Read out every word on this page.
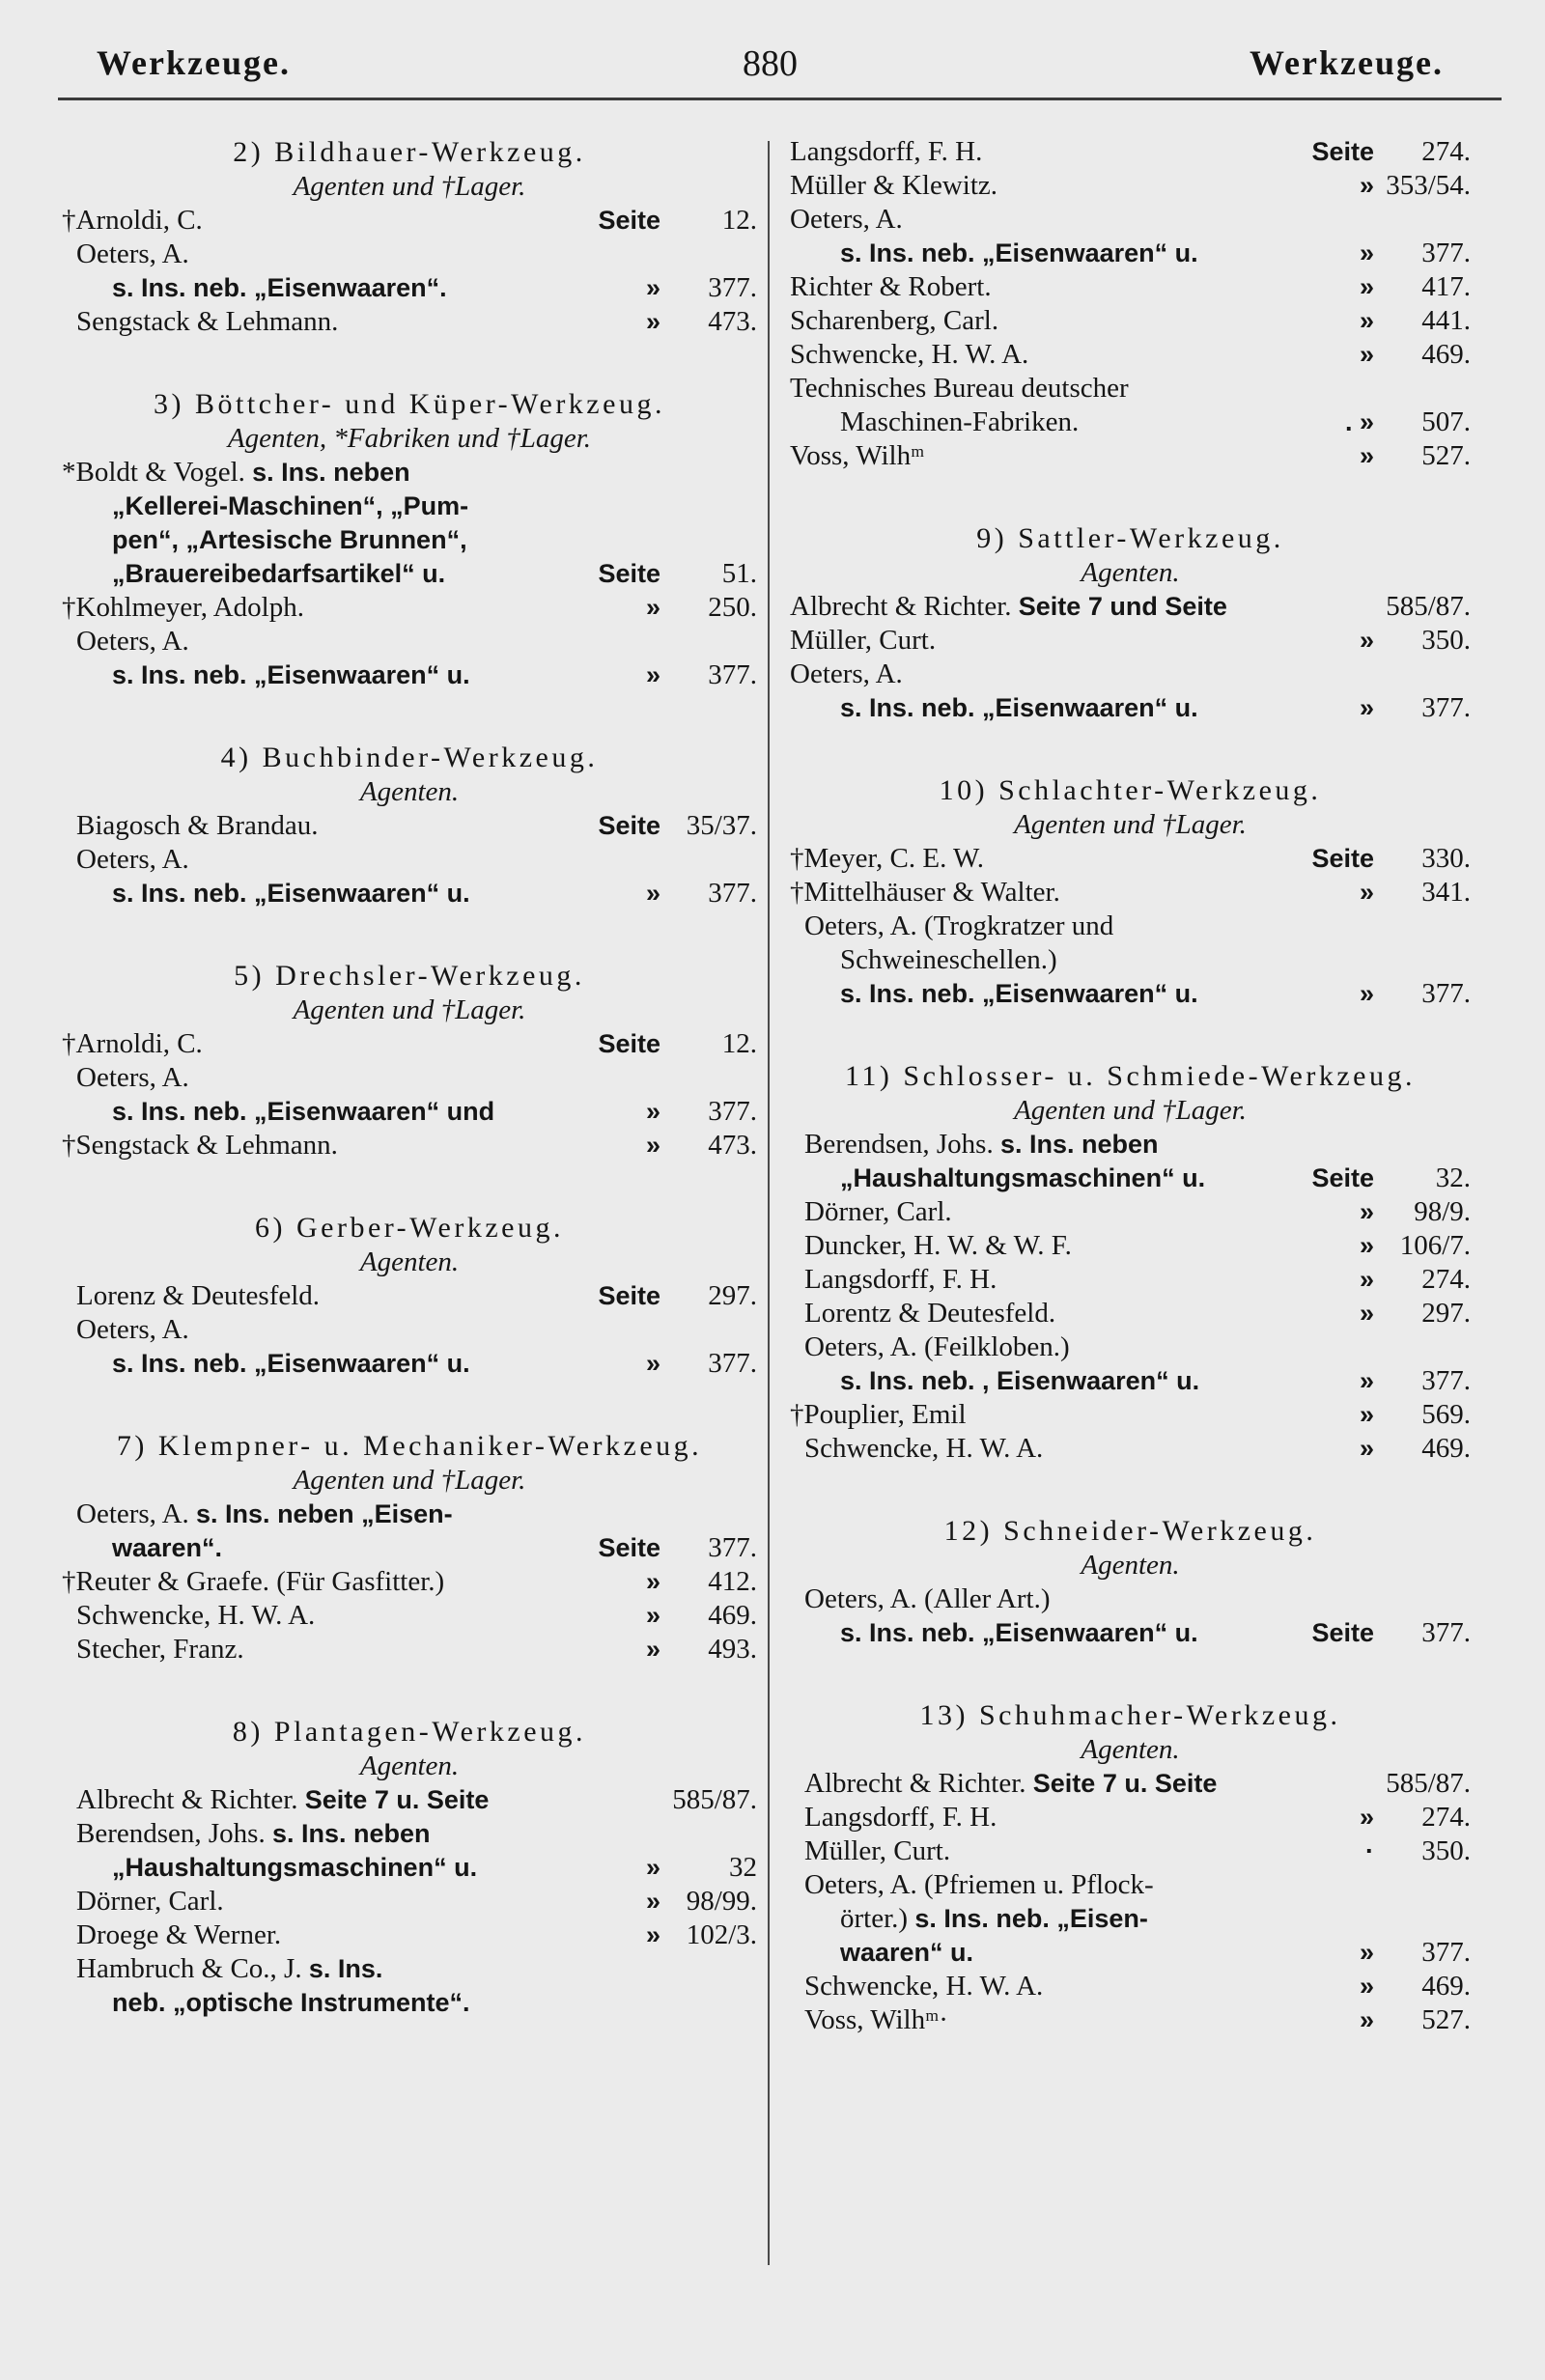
Werkzeuge.	880	Werkzeuge.
2) Bildhauer-Werkzeug.
Agenten und †Lager.
†Arnoldi, C.	Seite 12.
Oeters, A.
s. Ins. neb. „Eisenwaaren“.	» 377.
Sengstack & Lehmann.	» 473.
3) Böttcher- und Küper-Werkzeug.
Agenten, *Fabriken und †Lager.
*Boldt & Vogel. s. Ins. neben
„Kellerei-Maschinen“, „Pum-
pen“, „Artesische Brunnen“,
„Brauereibedarfsartikel“ u.	Seite 51.
†Kohlmeyer, Adolph.	» 250.
Oeters, A.
s. Ins. neb. „Eisenwaaren“ u.	» 377.
4) Buchbinder-Werkzeug.
Agenten.
Biagosch & Brandau.	Seite 35/37.
Oeters, A.
s. Ins. neb. „Eisenwaaren“ u.	» 377.
5) Drechsler-Werkzeug.
Agenten und †Lager.
†Arnoldi, C.	Seite 12.
Oeters, A.
s. Ins. neb. „Eisenwaaren“ und	» 377.
†Sengstack & Lehmann.	» 473.
6) Gerber-Werkzeug.
Agenten.
Lorenz & Deutesfeld.	Seite 297.
Oeters, A.
s. Ins. neb. „Eisenwaaren“ u.	» 377.
7) Klempner- u. Mechaniker-Werkzeug.
Agenten und †Lager.
Oeters, A. s. Ins. neben „Eisen-
waaren“.	Seite 377.
†Reuter & Graefe. (Für Gasfitter.)	» 412.
Schwencke, H. W. A.	» 469.
Stecher, Franz.	» 493.
8) Plantagen-Werkzeug.
Agenten.
Albrecht & Richter. Seite 7 u. Seite	585/87.
Berendsen, Johs. s. Ins. neben
„Haushaltungsmaschinen“ u.	» 32
Dörner, Carl.	» 98/99.
Droege & Werner.	» 102/3.
Hambruch & Co., J. s. Ins.
neb. „optische Instrumente“.
Langsdorff, F. H.	Seite 274.
Müller & Klewitz.	» 353/54.
Oeters, A.
s. Ins. neb. „Eisenwaaren“ u.	» 377.
Richter & Robert.	» 417.
Scharenberg, Carl.	» 441.
Schwencke, H. W. A.	» 469.
Technisches Bureau deutscher
Maschinen-Fabriken.	. » 507.
Voss, Wilhᵐ	» 527.
9) Sattler-Werkzeug.
Agenten.
Albrecht & Richter. Seite 7 und Seite	585/87.
Müller, Curt.	» 350.
Oeters, A.
s. Ins. neb. „Eisenwaaren“ u.	» 377.
10) Schlachter-Werkzeug.
Agenten und †Lager.
†Meyer, C. E. W.	Seite 330.
†Mittelhäuser & Walter.	» 341.
Oeters, A. (Trogkratzer und
Schweineschellen.)
s. Ins. neb. „Eisenwaaren“ u.	» 377.
11) Schlosser- u. Schmiede-Werkzeug.
Agenten und †Lager.
Berendsen, Johs. s. Ins. neben
„Haushaltungsmaschinen“ u.	Seite 32.
Dörner, Carl.	» 98/9.
Duncker, H. W. & W. F.	» 106/7.
Langsdorff, F. H.	» 274.
Lorentz & Deutesfeld.	» 297.
Oeters, A. (Feilkloben.)
s. Ins. neb. , Eisenwaaren“ u.	» 377.
†Pouplier, Emil	» 569.
Schwencke, H. W. A.	» 469.
12) Schneider-Werkzeug.
Agenten.
Oeters, A. (Aller Art.)
s. Ins. neb. „Eisenwaaren“ u.	Seite 377.
13) Schuhmacher-Werkzeug.
Agenten.
Albrecht & Richter. Seite 7 u. Seite	585/87.
Langsdorff, F. H.	» 274.
Müller, Curt.	· 350.
Oeters, A. (Pfriemen u. Pflock-
örter.) s. Ins. neb. „Eisen-
waaren“ u.	» 377.
Schwencke, H. W. A.	» 469.
Voss, Wilhᵐ·	» 527.
